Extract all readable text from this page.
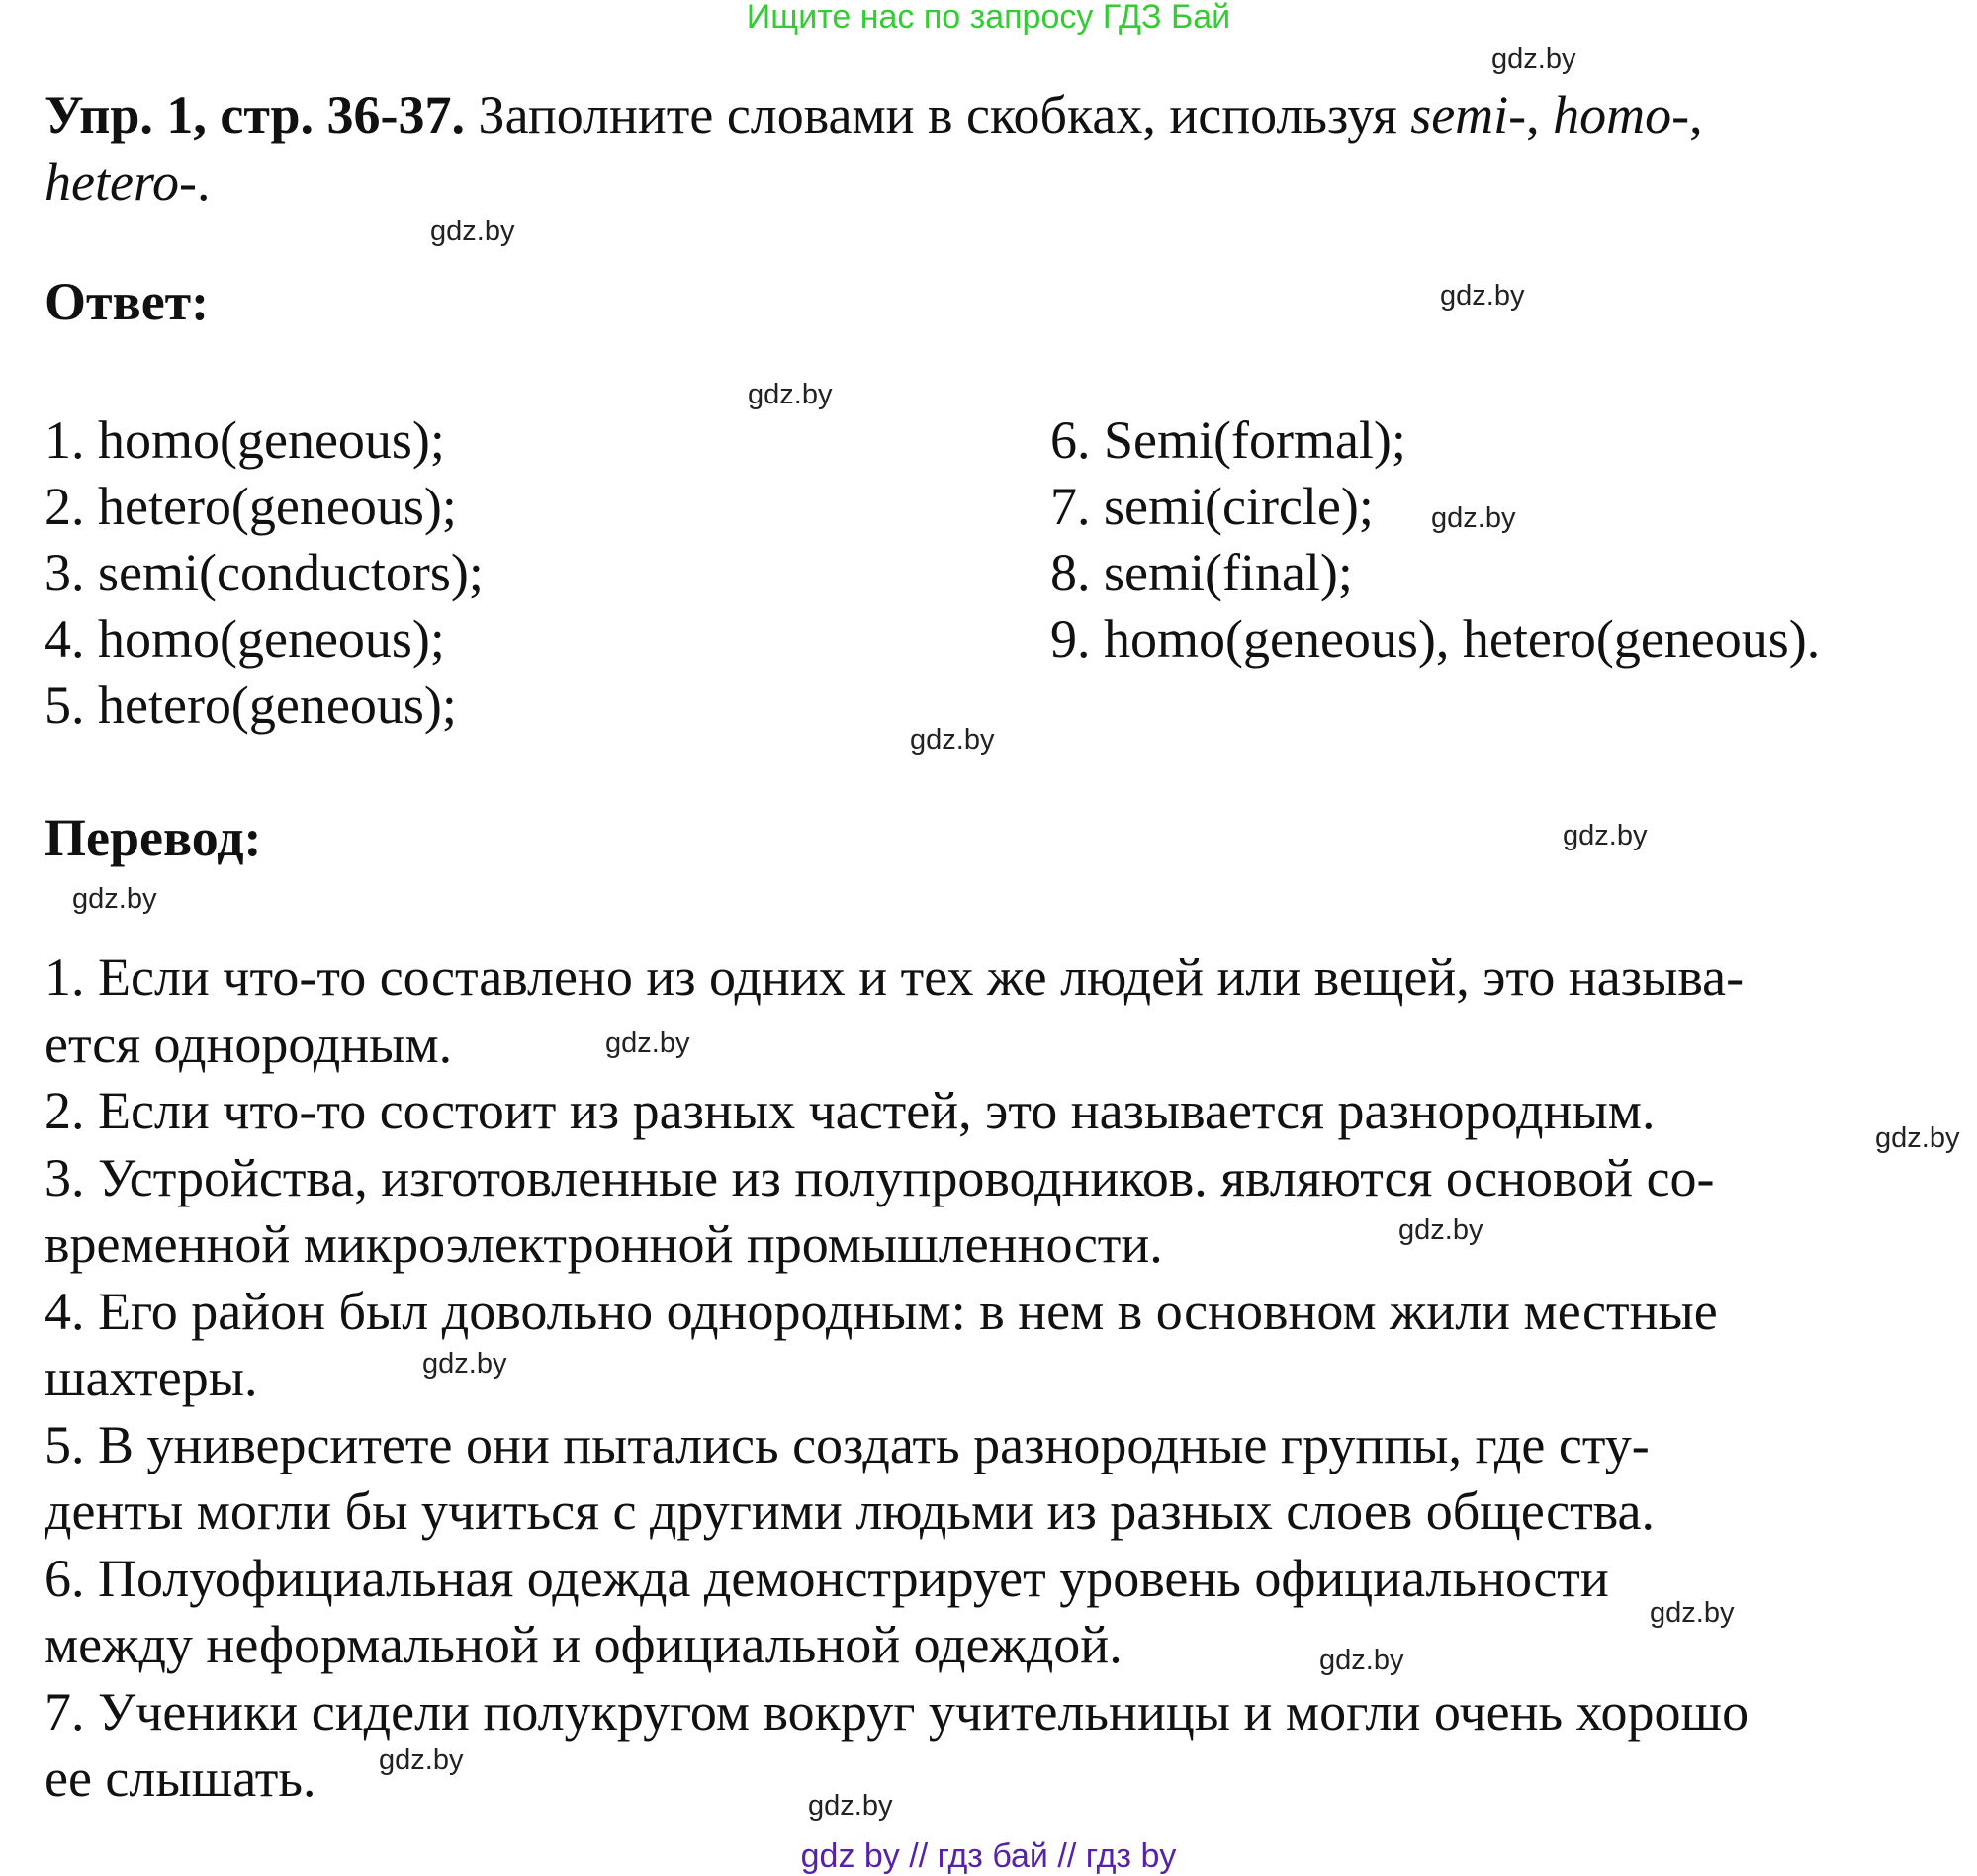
Ищите нас по запросу ГДЗ Бай
Упр. 1, стр. 36-37. Заполните словами в скобках, используя semi-, homo-,
hetero-.
Ответ:
1. homo(geneous);
2. hetero(geneous);
3. semi(conductors);
4. homo(geneous);
5. hetero(geneous);
6. Semi(formal);
7. semi(circle);
8. semi(final);
9. homo(geneous), hetero(geneous).
Перевод:
1. Если что-то составлено из одних и тех же людей или вещей, это называ-
ется однородным.
2. Если что-то состоит из разных частей, это называется разнородным.
3. Устройства, изготовленные из полупроводников. являются основой со-
временной микроэлектронной промышленности.
4. Его район был довольно однородным: в нем в основном жили местные
шахтеры.
5. В университете они пытались создать разнородные группы, где сту-
денты могли бы учиться с другими людьми из разных слоев общества.
6. Полуофициальная одежда демонстрирует уровень официальности
между неформальной и официальной одеждой.
7. Ученики сидели полукругом вокруг учительницы и могли очень хорошо
ее слышать.
gdz.by
gdz.by
gdz.by
gdz.by
gdz.by
gdz.by
gdz.by
gdz.by
gdz.by
gdz.by
gdz.by
gdz.by
gdz.by
gdz.by
gdz.by
gdz.by
gdz by // гдз бай // гдз by
